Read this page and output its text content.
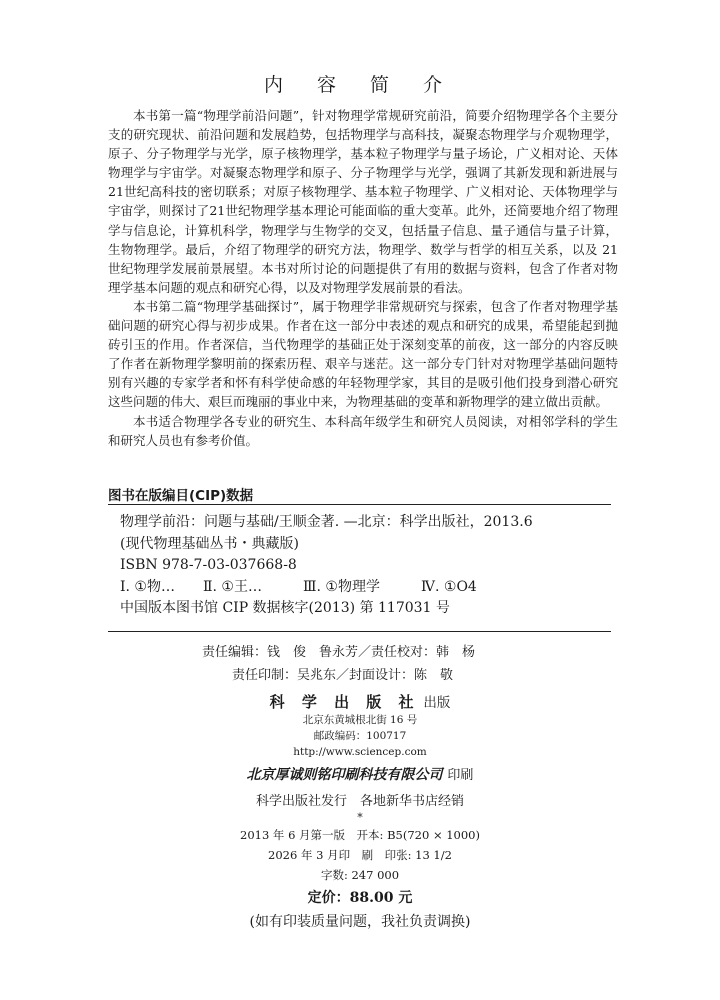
内 容 简 介

本书第一篇“物理学前沿问题”，针对物理学常规研究前沿，简要介绍物理学各个主要分支的研究现状、前沿问题和发展趋势，包括物理学与高科技，凝聚态物理学与介观物理学，原子、分子物理学与光学，原子核物理学，基本粒子物理学与量子场论，广义相对论、天体物理学与宇宙学。对凝聚态物理学和原子、分子物理学与光学，强调了其新发现和新进展与21世纪高科技的密切联系；对原子核物理学、基本粒子物理学、广义相对论、天体物理学与宇宙学，则探讨了21世纪物理学基本理论可能面临的重大变革。此外，还简要地介绍了物理学与信息论，计算机科学，物理学与生物学的交叉，包括量子信息、量子通信与量子计算，生物物理学。最后，介绍了物理学的研究方法，物理学、数学与哲学的相互关系，以及 21 世纪物理学发展前景展望。本书对所讨论的问题提供了有用的数据与资料，包含了作者对物理学基本问题的观点和研究心得，以及对物理学发展前景的看法。

本书第二篇“物理学基础探讨”，属于物理学非常规研究与探索，包含了作者对物理学基础问题的研究心得与初步成果。作者在这一部分中表述的观点和研究的成果，希望能起到抛砖引玉的作用。作者深信，当代物理学的基础正处于深刻变革的前夜，这一部分的内容反映了作者在新物理学黎明前的探索历程、艰辛与迷茫。这一部分专门针对对物理学基础问题特别有兴趣的专家学者和怀有科学使命感的年轻物理学家，其目的是吸引他们投身到潜心研究这些问题的伟大、艰巨而瑰丽的事业中来，为物理基础的变革和新物理学的建立做出贡献。

本书适合物理学各专业的研究生、本科高年级学生和研究人员阅读，对相邻学科的学生和研究人员也有参考价值。

图书在版编目(CIP)数据
物理学前沿：问题与基础/王顺金著. —北京：科学出版社，2013.6
(现代物理基础丛书・典藏版)
ISBN 978-7-03-037668-8
I. ①物… Ⅱ. ①王…	Ⅲ. ①物理学	Ⅳ. ①O4
中国版本图书馆 CIP 数据核字(2013) 第 117031 号
责任编辑：钱　俊　鲁永芳／责任校对：韩　杨
责任印制：吴兆东／封面设计：陈　敬
科 学 出 版 社 出版
北京东黄城根北街 16 号
邮政编码：100717
http://www.sciencep.com
北京厚诚则铭印刷科技有限公司 印刷
科学出版社发行　各地新华书店经销
*
2013 年 6 月第一版　开本: B5(720 × 1000)
2026 年 3 月印　刷　印张: 13 1/2
字数: 247 000
定价：88.00 元
(如有印装质量问题，我社负责调换)
